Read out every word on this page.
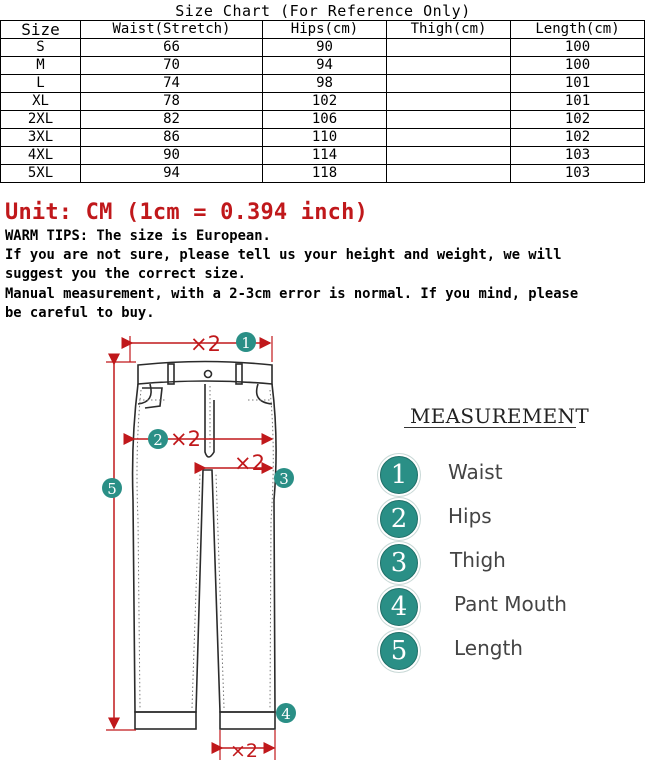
Size Chart (For Reference Only)
Size	Waist(Stretch)	Hips(cm)	Thigh(cm)	Length(cm)
S	66	90		100
M	70	94		100
L	74	98		101
XL	78	102		101
2XL	82	106		102
3XL	86	110		102
4XL	90	114		103
5XL	94	118		103
Unit: CM (1cm = 0.394 inch)
WARM TIPS: The size is European.
If you are not sure, please tell us your height and weight, we will
suggest you the correct size.
Manual measurement, with a 2-3cm error is normal. If you mind, please
be careful to buy.
×2 1
2 ×2
×2
3
5
4
×2
MEASUREMENT
1	Waist
2	Hips
3	Thigh
4	Pant Mouth
5	Length
